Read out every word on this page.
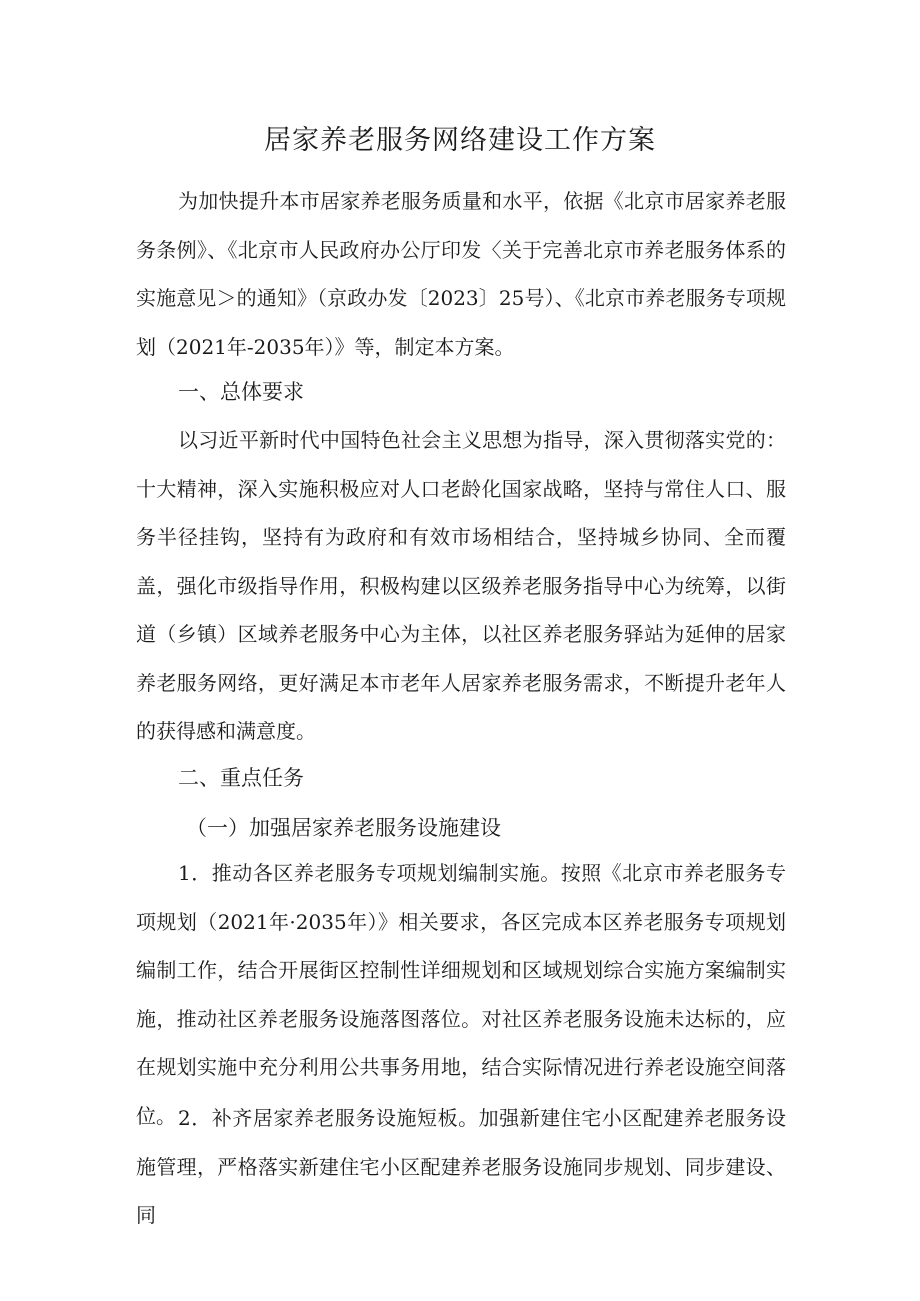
居家养老服务网络建设工作方案

为加快提升本市居家养老服务质量和水平，依据《北京市居家养老服务条例》、《北京市人民政府办公厅印发〈关于完善北京市养老服务体系的实施意见＞的通知》（京政办发〔2023〕25号）、《北京市养老服务专项规划（2021年-2035年）》等，制定本方案。

一、总体要求

以习近平新时代中国特色社会主义思想为指导，深入贯彻落实党的：十大精神，深入实施积极应对人口老龄化国家战略，坚持与常住人口、服务半径挂钩，坚持有为政府和有效市场相结合，坚持城乡协同、全而覆盖，强化市级指导作用，积极构建以区级养老服务指导中心为统筹，以街道（乡镇）区域养老服务中心为主体，以社区养老服务驿站为延伸的居家养老服务网络，更好满足本市老年人居家养老服务需求，不断提升老年人的获得感和满意度。

二、重点任务
（一）加强居家养老服务设施建设

1．推动各区养老服务专项规划编制实施。按照《北京市养老服务专项规划（2021年·2035年）》相关要求，各区完成本区养老服务专项规划编制工作，结合开展街区控制性详细规划和区域规划综合实施方案编制实施，推动社区养老服务设施落图落位。对社区养老服务设施未达标的，应在规划实施中充分利用公共事务用地，结合实际情况进行养老设施空间落位。 2．补齐居家养老服务设施短板。加强新建住宅小区配建养老服务设施管理，严格落实新建住宅小区配建养老服务设施同步规划、同步建设、同
